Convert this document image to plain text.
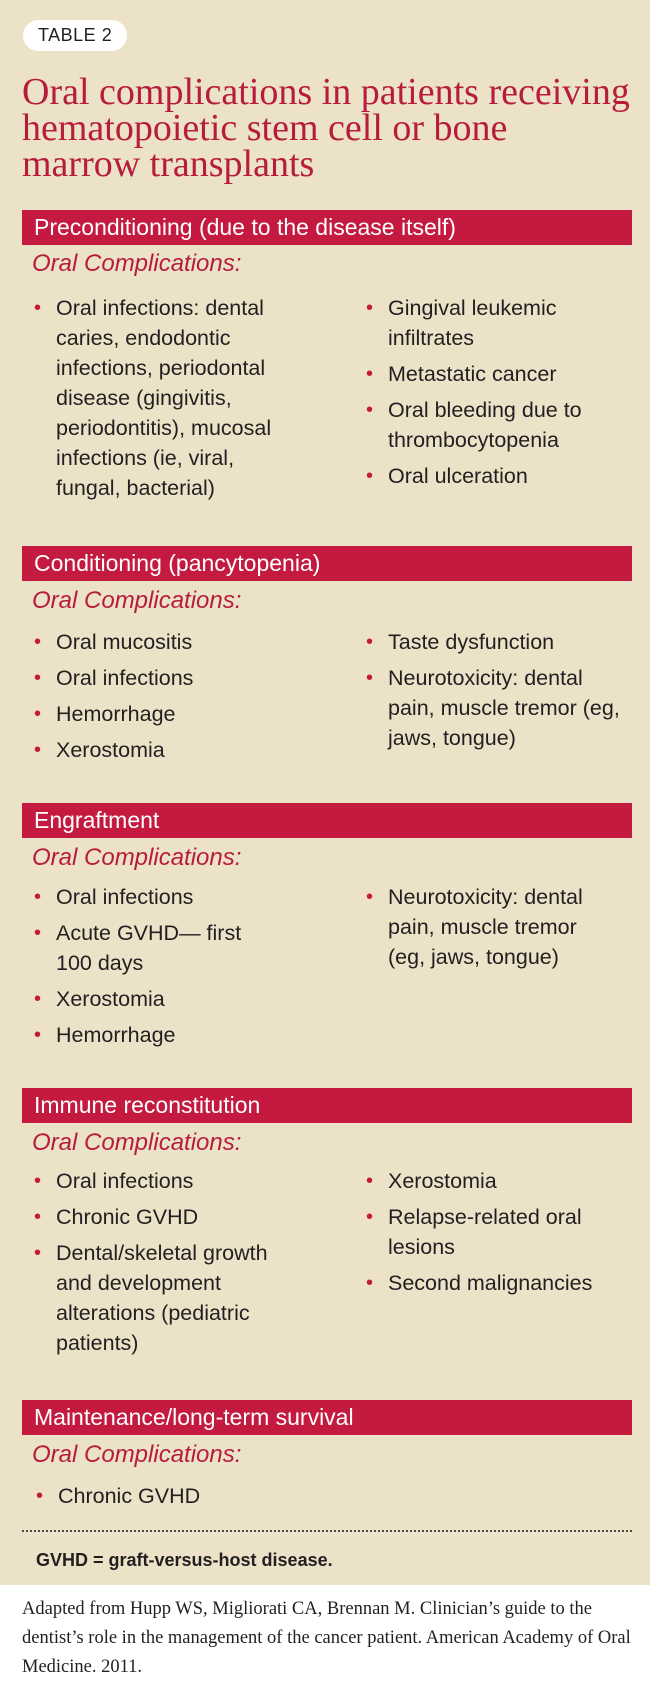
TABLE 2
Oral complications in patients receiving hematopoietic stem cell or bone marrow transplants
Preconditioning (due to the disease itself)
Oral Complications:
• Oral infections: dental caries, endodontic infections, periodontal disease (gingivitis, periodontitis), mucosal infections (ie, viral, fungal, bacterial)
• Gingival leukemic infiltrates
• Metastatic cancer
• Oral bleeding due to thrombocytopenia
• Oral ulceration
Conditioning (pancytopenia)
Oral Complications:
• Oral mucositis
• Oral infections
• Hemorrhage
• Xerostomia
• Taste dysfunction
• Neurotoxicity: dental pain, muscle tremor (eg, jaws, tongue)
Engraftment
Oral Complications:
• Oral infections
• Acute GVHD— first 100 days
• Xerostomia
• Hemorrhage
• Neurotoxicity: dental pain, muscle tremor (eg, jaws, tongue)
Immune reconstitution
Oral Complications:
• Oral infections
• Chronic GVHD
• Dental/skeletal growth and development alterations (pediatric patients)
• Xerostomia
• Relapse-related oral lesions
• Second malignancies
Maintenance/long-term survival
Oral Complications:
• Chronic GVHD
GVHD = graft-versus-host disease.
Adapted from Hupp WS, Migliorati CA, Brennan M. Clinician’s guide to the dentist’s role in the management of the cancer patient. American Academy of Oral Medicine. 2011.
